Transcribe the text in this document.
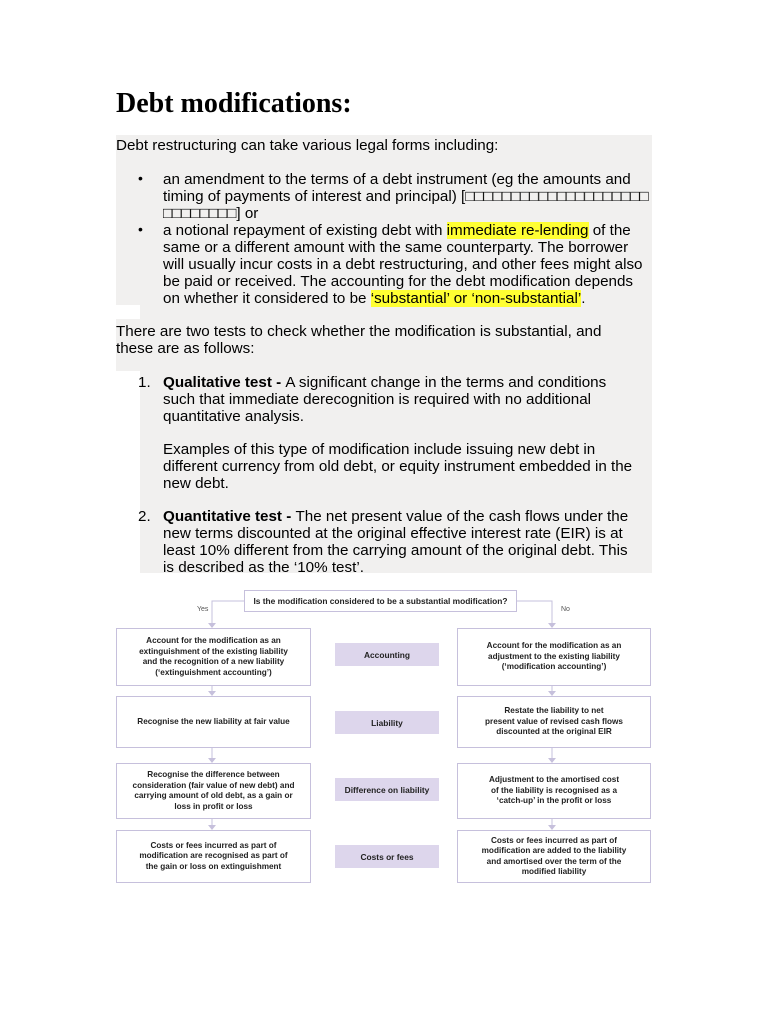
Debt modifications:
Debt restructuring can take various legal forms including:
• an amendment to the terms of a debt instrument (eg the amounts and
timing of payments of interest and principal) [□□□□□□□□□□□□□□□□□□□□
□□□□□□□□] or
• a notional repayment of existing debt with immediate re-lending of the
same or a different amount with the same counterparty. The borrower
will usually incur costs in a debt restructuring, and other fees might also
be paid or received. The accounting for the debt modification depends
on whether it considered to be ‘substantial’ or ‘non-substantial’.
There are two tests to check whether the modification is substantial, and
these are as follows:
1. Qualitative test - A significant change in the terms and conditions
such that immediate derecognition is required with no additional
quantitative analysis.
Examples of this type of modification include issuing new debt in
different currency from old debt, or equity instrument embedded in the
new debt.
2. Quantitative test - The net present value of the cash flows under the
new terms discounted at the original effective interest rate (EIR) is at
least 10% different from the carrying amount of the original debt. This
is described as the ‘10% test’.
Is the modification considered to be a substantial modification?
Yes	No
Account for the modification as an
extinguishment of the existing liability
and the recognition of a new liability
(‘extinguishment accounting’)
Accounting
Account for the modification as an
adjustment to the existing liability
(‘modification accounting’)
Recognise the new liability at fair value	Liability
Restate the liability to net
present value of revised cash flows
discounted at the original EIR
Recognise the difference between
consideration (fair value of new debt) and
carrying amount of old debt, as a gain or
loss in profit or loss
Difference on liability
Adjustment to the amortised cost
of the liability is recognised as a
‘catch-up’ in the profit or loss
Costs or fees incurred as part of
modification are recognised as part of
the gain or loss on extinguishment
Costs or fees
Costs or fees incurred as part of
modification are added to the liability
and amortised over the term of the
modified liability
